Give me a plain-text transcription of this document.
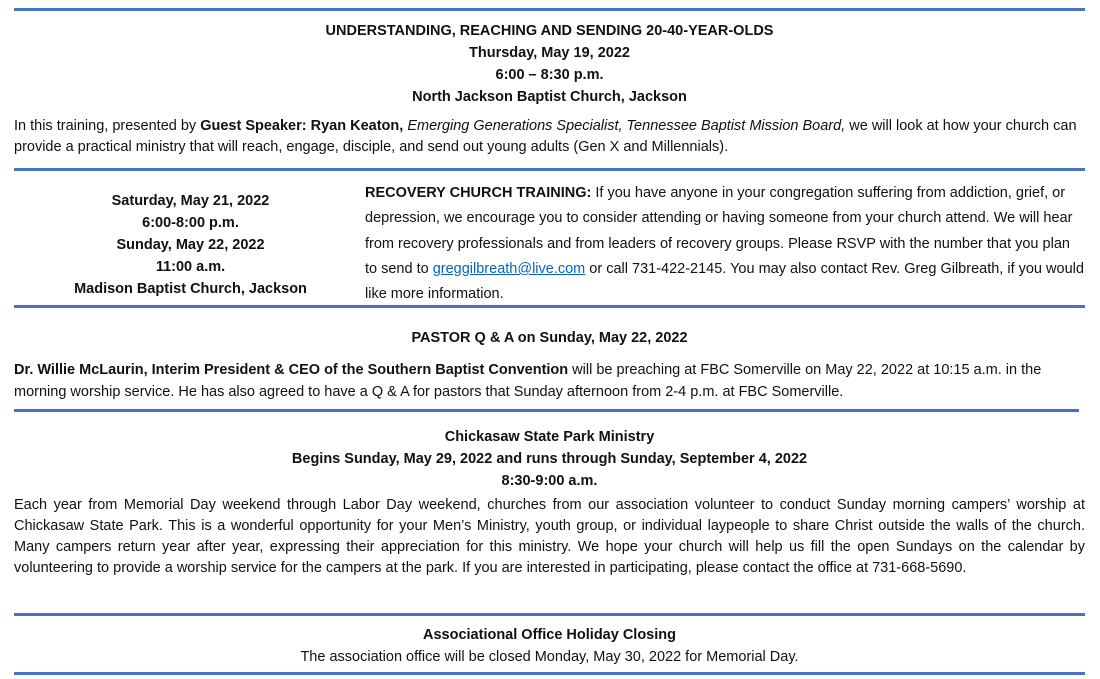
UNDERSTANDING, REACHING AND SENDING 20-40-YEAR-OLDS
Thursday, May 19, 2022
6:00 – 8:30 p.m.
North Jackson Baptist Church, Jackson
In this training, presented by Guest Speaker: Ryan Keaton, Emerging Generations Specialist, Tennessee Baptist Mission Board, we will look at how your church can provide a practical ministry that will reach, engage, disciple, and send out young adults (Gen X and Millennials).
Saturday, May 21, 2022
6:00-8:00 p.m.
Sunday, May 22, 2022
11:00 a.m.
Madison Baptist Church, Jackson
RECOVERY CHURCH TRAINING: If you have anyone in your congregation suffering from addiction, grief, or depression, we encourage you to consider attending or having someone from your church attend. We will hear from recovery professionals and from leaders of recovery groups. Please RSVP with the number that you plan to send to greggilbreath@live.com or call 731-422-2145. You may also contact Rev. Greg Gilbreath, if you would like more information.
PASTOR Q & A on Sunday, May 22, 2022
Dr. Willie McLaurin, Interim President & CEO of the Southern Baptist Convention will be preaching at FBC Somerville on May 22, 2022 at 10:15 a.m. in the morning worship service. He has also agreed to have a Q & A for pastors that Sunday afternoon from 2-4 p.m. at FBC Somerville.
Chickasaw State Park Ministry
Begins Sunday, May 29, 2022 and runs through Sunday, September 4, 2022
8:30-9:00 a.m.
Each year from Memorial Day weekend through Labor Day weekend, churches from our association volunteer to conduct Sunday morning campers’ worship at Chickasaw State Park. This is a wonderful opportunity for your Men’s Ministry, youth group, or individual laypeople to share Christ outside the walls of the church. Many campers return year after year, expressing their appreciation for this ministry. We hope your church will help us fill the open Sundays on the calendar by volunteering to provide a worship service for the campers at the park. If you are interested in participating, please contact the office at 731-668-5690.
Associational Office Holiday Closing
The association office will be closed Monday, May 30, 2022 for Memorial Day.
